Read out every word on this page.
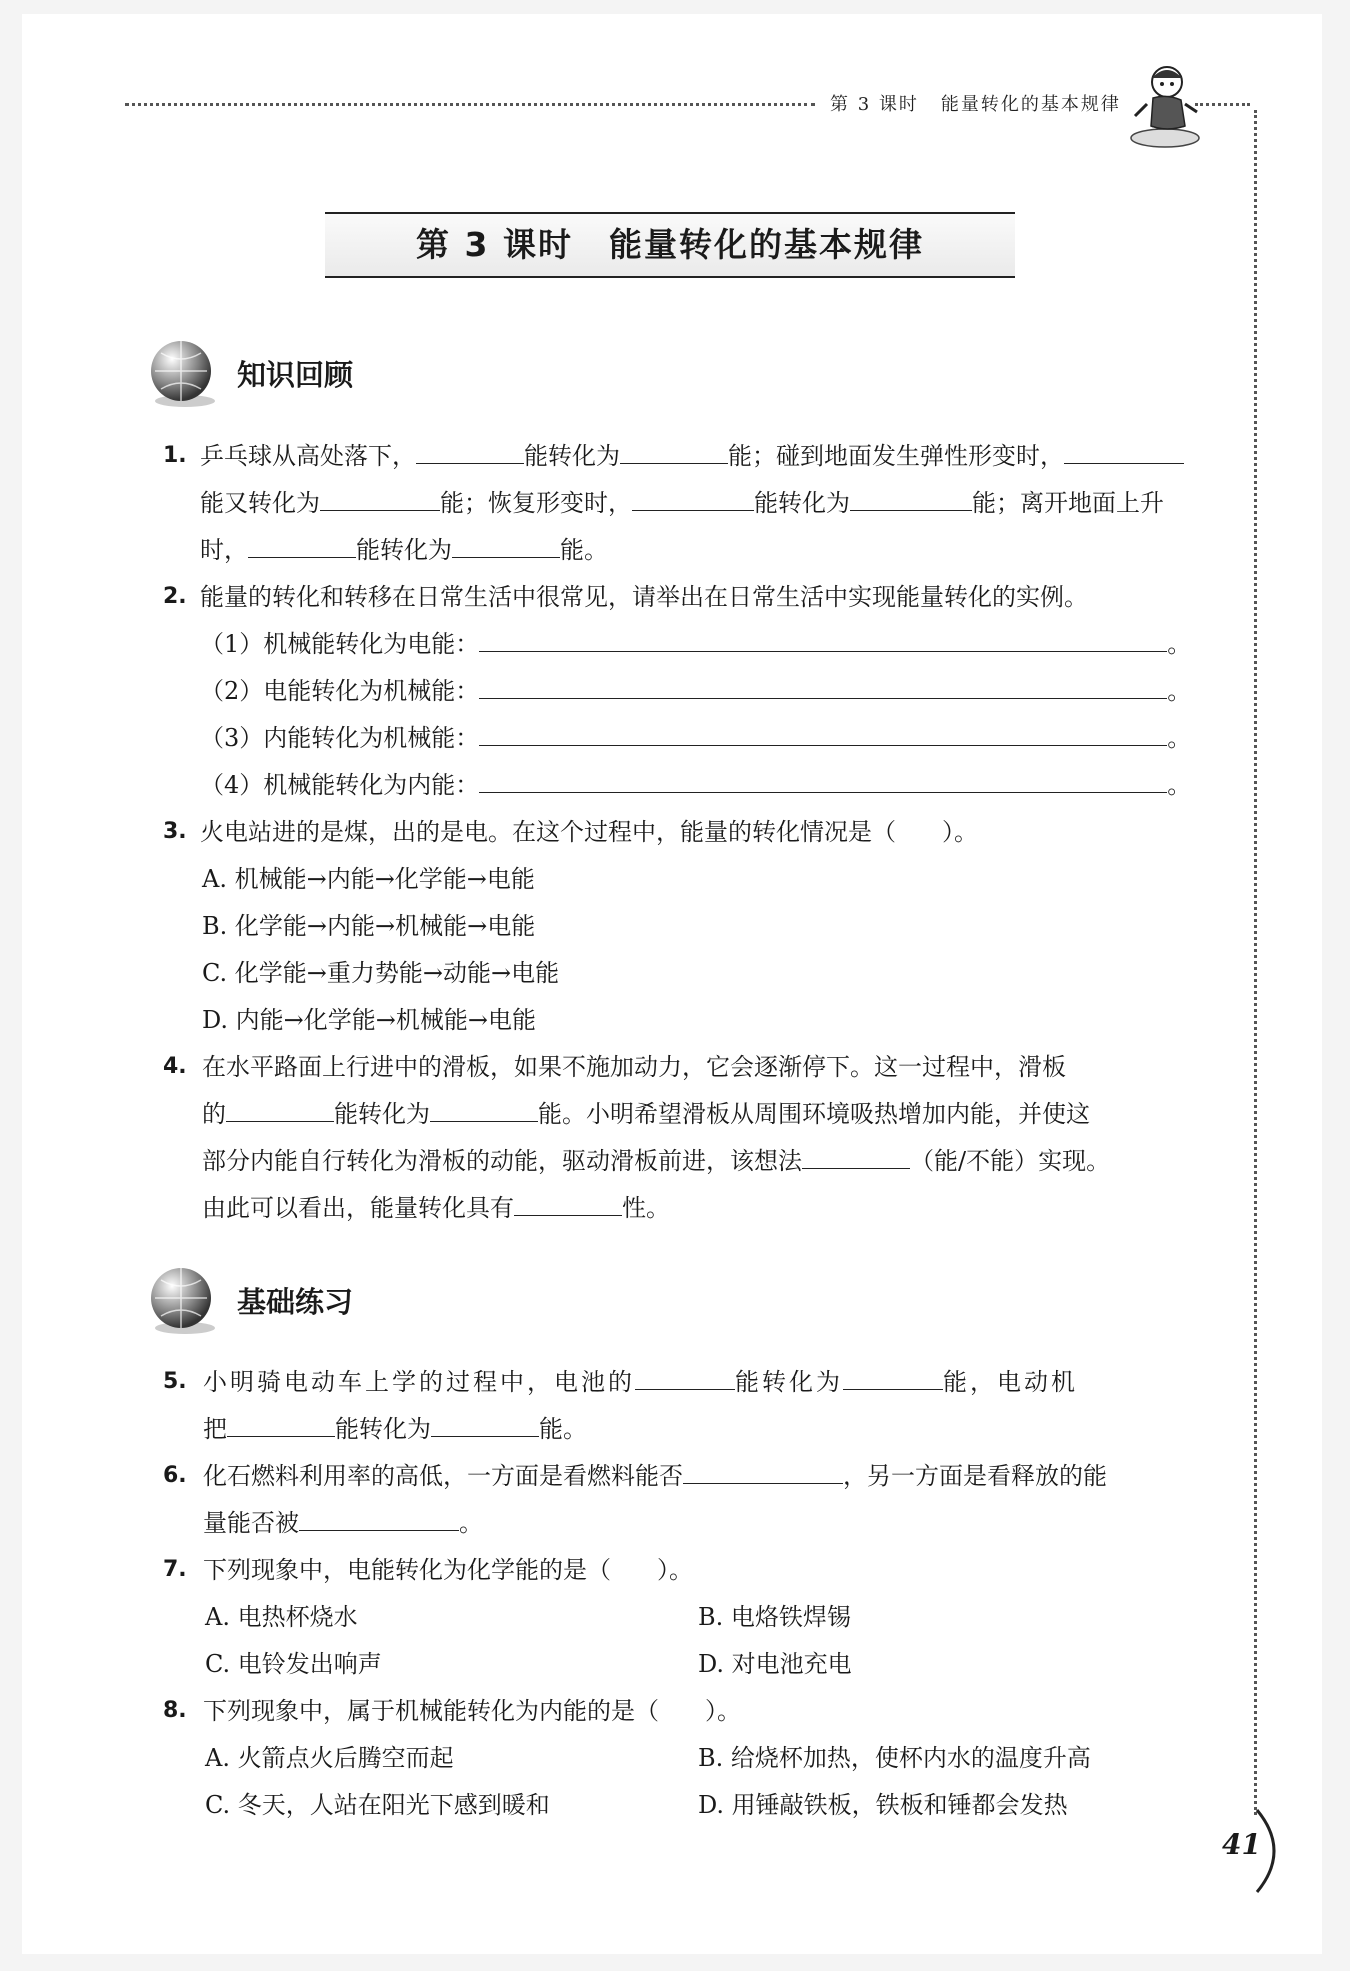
第 3 课时 能量转化的基本规律
第 3 课时 能量转化的基本规律
知识回顾
1. 乒乓球从高处落下，	能转化为	能；碰到地面发生弹性形变时，
能又转化为	能；恢复形变时，	能转化为	能；离开地面上升
时，	能转化为	能。
2. 能量的转化和转移在日常生活中很常见，请举出在日常生活中实现能量转化的实例。
（1）机械能转化为电能：	。
（2）电能转化为机械能：	。
（3）内能转化为机械能：	。
（4）机械能转化为内能：	。
3. 火电站进的是煤，出的是电。在这个过程中，能量的转化情况是（ ）。
A. 机械能→内能→化学能→电能
B. 化学能→内能→机械能→电能
C. 化学能→重力势能→动能→电能
D. 内能→化学能→机械能→电能
4. 在水平路面上行进中的滑板，如果不施加动力，它会逐渐停下。这一过程中，滑板
的	能转化为	能。小明希望滑板从周围环境吸热增加内能，并使这
部分内能自行转化为滑板的动能，驱动滑板前进，该想法	（能/不能）实现。
由此可以看出，能量转化具有	性。
基础练习
5. 小明骑电动车上学的过程中，电池的	能转化为	能，电动机
把	能转化为	能。
6. 化石燃料利用率的高低，一方面是看燃料能否	，另一方面是看释放的能
量能否被	。
7. 下列现象中，电能转化为化学能的是（ ）。
A. 电热杯烧水	B. 电烙铁焊锡
C. 电铃发出响声	D. 对电池充电
8. 下列现象中，属于机械能转化为内能的是（ ）。
A. 火箭点火后腾空而起	B. 给烧杯加热，使杯内水的温度升高
C. 冬天，人站在阳光下感到暖和	D. 用锤敲铁板，铁板和锤都会发热
41
